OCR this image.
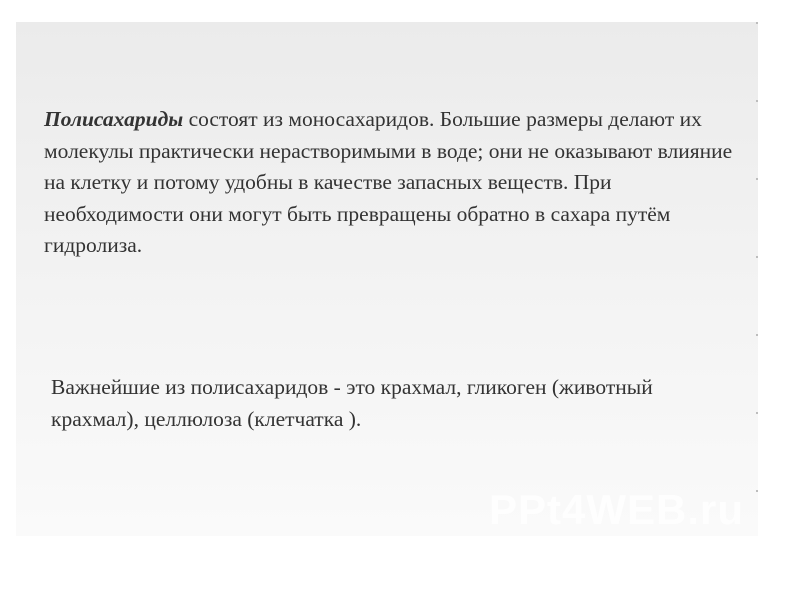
Полисахариды состоят из моносахаридов. Большие размеры делают их молекулы практически нерастворимыми в воде; они не оказывают влияние на клетку и потому удобны в качестве запасных веществ. При необходимости они могут быть превращены обратно в сахара путём гидролиза.

Важнейшие из полисахаридов - это крахмал, гликоген (животный крахмал), целлюлоза (клетчатка ).

PPt4WEB.ru
